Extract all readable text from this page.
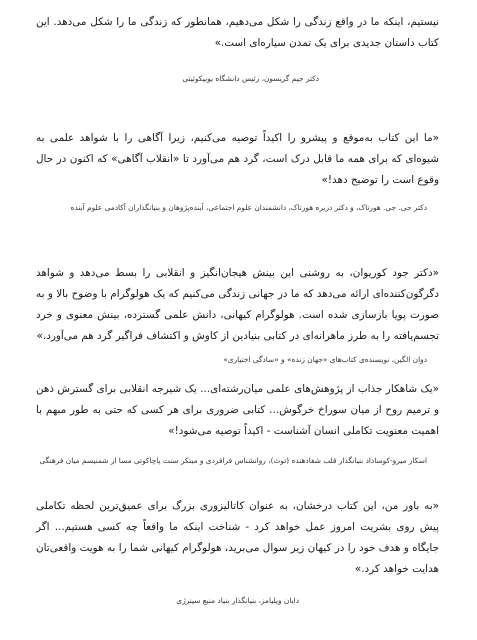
نیستیم، اینکه ما در واقع زندگی را شکل می‌دهیم، همانطور که زندگی ما را شکل می‌دهد. این کتاب داستان جدیدی برای یک تمدن سیاره‌ای است.»

دکتر جیم گریسون، رئیس دانشگاه یوبیکوئیتی

«ما این کتاب به‌موقع و پیشرو را اکیداً توصیه می‌کنیم، زیرا آگاهی را با شواهد علمی به شیوه‌ای که برای همه ما قابل درک است، گرد هم می‌آورد تا «انقلاب آگاهی» که اکنون در حال وقوع است را توضیح دهد!»

دکتر جی. جی. هورتاک، و دکتر دزیره هورتاک، دانشمندان علوم اجتماعی، آینده‌پژوهان و بنیانگذاران آکادمی علوم آینده

«دکتر جود کوریوان، به روشنی این بینش هیجان‌انگیز و انقلابی را بسط می‌دهد و شواهد دگرگون‌کننده‌ای ارائه می‌دهد که ما در جهانی زندگی می‌کنیم که یک هولوگرام با وضوح بالا و به صورت پویا بازسازی شده است. هولوگرام کیهانی، دانش علمی گسترده، بینش معنوی و خرد تجسم‌یافته را به طرز ماهرانه‌ای در کتابی بنیادین از کاوش و اکتشاف فراگیر گرد هم می‌آورد.»

دوان الگین، نویسنده‌ی کتاب‌های «جهان زنده» و «سادگی اختیاری»

«یک شاهکار جذاب از پژوهش‌های علمی میان‌رشته‌ای... یک شیرجه انقلابی برای گسترش ذهن و ترمیم روح از میان سوراخ خرگوش... کتابی ضروری برای هر کسی که حتی به طور مبهم با اهمیت معنویت تکاملی انسان آشناست - اکیداً توصیه می‌شود!»

اسکار میرو-کوساداد بنیانگذار قلب شفادهنده (توث)، روانشناس فرافردی و مبتکر سنت پاچاکوتی مسا از شمنیسم میان فرهنگی

«به باور من، این کتاب درخشان، به عنوان کاتالیزوری بزرگ برای عمیق‌ترین لحظه تکاملی پیش روی بشریت امروز عمل خواهد کرد - شناخت اینکه ما واقعاً چه کسی هستیم... اگر جایگاه و هدف خود را در کیهان زیر سوال می‌برید، هولوگرام کیهانی شما را به هویت واقعی‌تان هدایت خواهد کرد.»

دایان ویلیامز، بنیانگذار بنیاد منبع سینرژی
